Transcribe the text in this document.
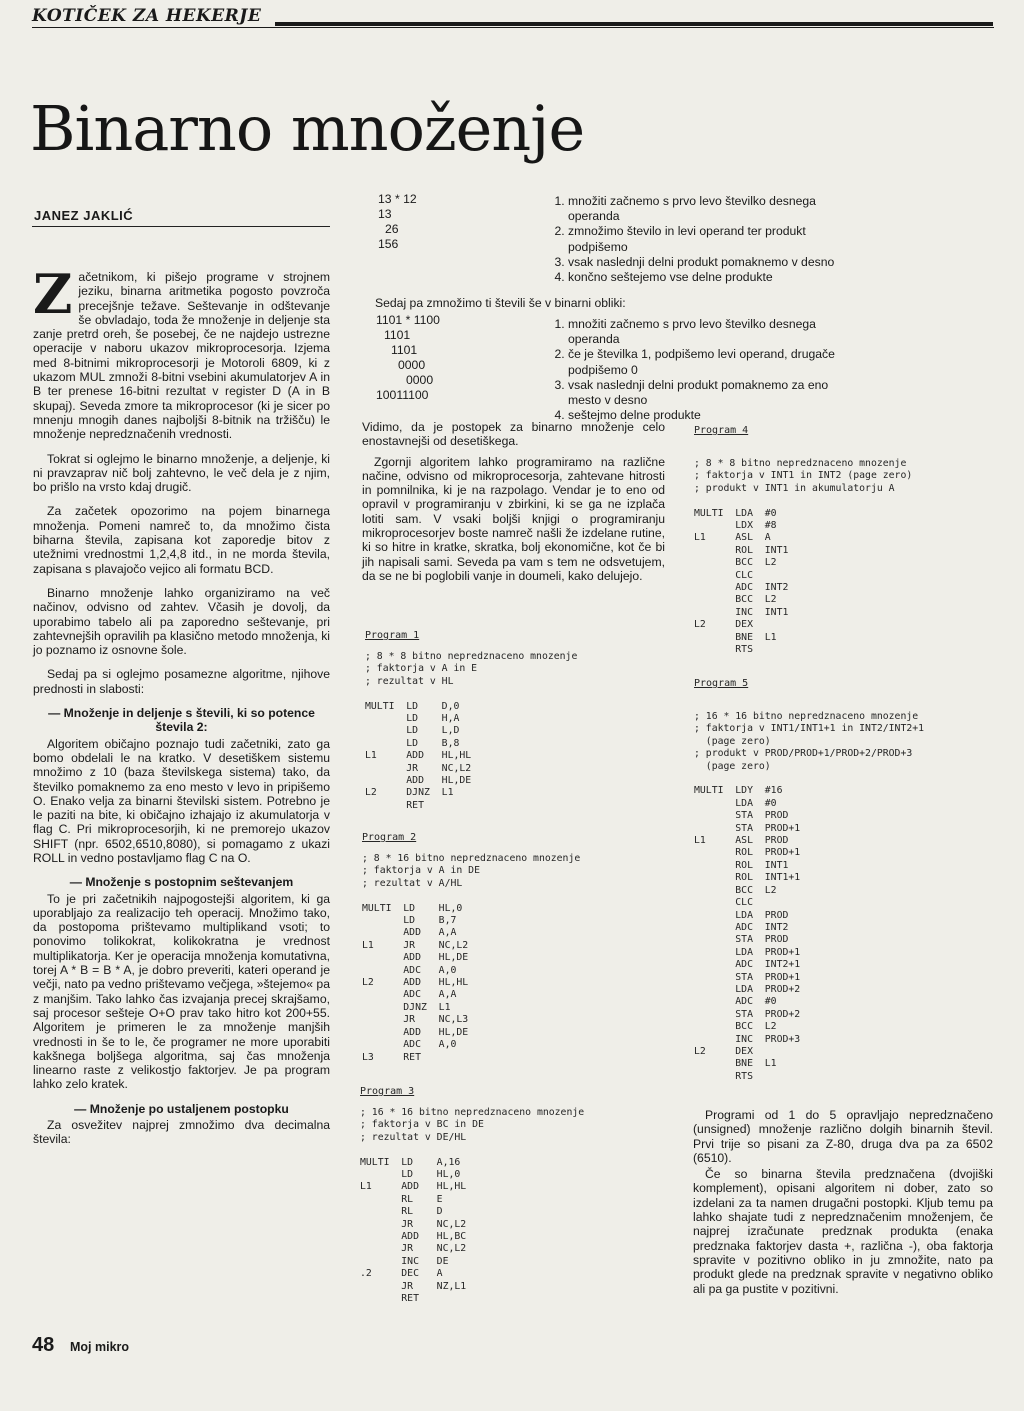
KOTIČEK ZA HEKERJE
Binarno množenje
JANEZ JAKLIĆ

Začetnikom, ki pišejo programe v strojnem jeziku, binarna aritmetika pogosto povzroča precejšnje težave. Seštevanje in odštevanje še obvladajo, toda že množenje in deljenje sta zanje pretrd oreh, še posebej, če ne najdejo ustrezne operacije v naboru ukazov mikroprocesorja. Izjema med 8-bitnimi mikroprocesorji je Motoroli 6809, ki z ukazom MUL zmnoži 8-bitni vsebini akumulatorjev A in B ter prenese 16-bitni rezultat v register D (A in B skupaj). Seveda zmore ta mikroprocesor (ki je sicer po mnenju mnogih danes najboljši 8-bitnik na tržišču) le množenje nepredznačenih vrednosti.

Tokrat si oglejmo le binarno množenje, a deljenje, ki ni pravzaprav nič bolj zahtevno, le več dela je z njim, bo prišlo na vrsto kdaj drugič.

Za začetek opozorimo na pojem binarnega množenja. Pomeni namreč to, da množimo čista biharna števila, zapisana kot zaporedje bitov z utežnimi vrednostmi 1,2,4,8 itd., in ne morda števila, zapisana s plavajočo vejico ali formatu BCD.

Binarno množenje lahko organiziramo na več načinov, odvisno od zahtev. Včasih je dovolj, da uporabimo tabelo ali pa zaporedno seštevanje, pri zahtevnejših opravilih pa klasično metodo množenja, ki jo poznamo iz osnovne šole.

Sedaj pa si oglejmo posamezne algoritme, njihove prednosti in slabosti:

— Množenje in deljenje s števili, ki so potence števila 2:

Algoritem običajno poznajo tudi začetniki, zato ga bomo obdelali le na kratko. V desetiškem sistemu množimo z 10 (baza številskega sistema) tako, da številko pomaknemo za eno mesto v levo in pripišemo O. Enako velja za binarni številski sistem. Potrebno je le paziti na bite, ki običajno izhajajo iz akumulatorja v flag C. Pri mikroprocesorjih, ki ne premorejo ukazov SHIFT (npr. 6502,6510,8080), si pomagamo z ukazi ROLL in vedno postavljamo flag C na O.

— Množenje s postopnim seštevanjem

To je pri začetnikih najpogostejši algoritem, ki ga uporabljajo za realizacijo teh operacij. Množimo tako, da postopoma prištevamo multiplikand vsoti; to ponovimo tolikokrat, kolikokratna je vrednost multiplikatorja. Ker je operacija množenja komutativna, torej A * B = B * A, je dobro preveriti, kateri operand je večji, nato pa vedno prištevamo večjega, »štejemo« pa z manjšim. Tako lahko čas izvajanja precej skrajšamo, saj procesor sešteje O+O prav tako hitro kot 200+55. Algoritem je primeren le za množenje manjših vrednosti in še to le, če programer ne more uporabiti kakšnega boljšega algoritma, saj čas množenja linearno raste z velikostjo faktorjev. Je pa program lahko zelo kratek.

— Množenje po ustaljenem postopku

Za osvežitev najprej zmnožimo dva decimalna števila:

13 * 12
13
26
156
1. množiti začnemo s prvo levo številko desnega operanda
2. zmnožimo število in levi operand ter produkt podpišemo
3. vsak naslednji delni produkt pomaknemo v desno
4. končno seštejemo vse delne produkte
Sedaj pa zmnožimo ti števili še v binarni obliki:
1101 * 1100
1101
1101
0000
0000
10011100
1. množiti začnemo s prvo levo številko desnega operanda
2. če je številka 1, podpišemo levi operand, drugače podpišemo 0
3. vsak naslednji delni produkt pomaknemo za eno mesto v desno
4. seštejmo delne produkte

Vidimo, da je postopek za binarno množenje celo enostavnejši od desetiškega.

Zgornji algoritem lahko programiramo na različne načine, odvisno od mikroprocesorja, zahtevane hitrosti in pomnilnika, ki je na razpolago. Vendar je to eno od opravil v programiranju v zbirkini, ki se ga ne izplača lotiti sam. V vsaki boljši knjigi o programiranju mikroprocesorjev boste namreč našli že izdelane rutine, ki so hitre in kratke, skratka, bolj ekonomične, kot če bi jih napisali sami. Seveda pa vam s tem ne odsvetujem, da se ne bi poglobili vanje in doumeli, kako delujejo.

Program 1
; 8 * 8 bitno nepredznaceno mnozenje
; faktorja v A in E
; rezultat v HL

MULTI  LD    D,0
LD    H,A
LD    L,D
LD    B,8
L1     ADD   HL,HL
JR    NC,L2
ADD   HL,DE
L2     DJNZ  L1
RET
Program 2
; 8 * 16 bitno nepredznaceno mnozenje
; faktorja v A in DE
; rezultat v A/HL

MULTI  LD    HL,0
LD    B,7
ADD   A,A
L1     JR    NC,L2
ADD   HL,DE
ADC   A,0
L2     ADD   HL,HL
ADC   A,A
DJNZ  L1
JR    NC,L3
ADD   HL,DE
ADC   A,0
L3     RET
Program 3
; 16 * 16 bitno nepredznaceno mnozenje
; faktorja v BC in DE
; rezultat v DE/HL

MULTI  LD    A,16
LD    HL,0
L1     ADD   HL,HL
RL    E
RL    D
JR    NC,L2
ADD   HL,BC
JR    NC,L2
INC   DE
.2     DEC   A
JR    NZ,L1
RET
Program 4
; 8 * 8 bitno nepredznaceno mnozenje
; faktorja v INT1 in INT2 (page zero)
; produkt v INT1 in akumulatorju A

MULTI  LDA  #0
LDX  #8
L1     ASL  A
ROL  INT1
BCC  L2
CLC
ADC  INT2
BCC  L2
INC  INT1
L2     DEX
BNE  L1
RTS
Program 5
; 16 * 16 bitno nepredznaceno mnozenje
; faktorja v INT1/INT1+1 in INT2/INT2+1
(page zero)
; produkt v PROD/PROD+1/PROD+2/PROD+3
(page zero)

MULTI  LDY  #16
LDA  #0
STA  PROD
STA  PROD+1
L1     ASL  PROD
ROL  PROD+1
ROL  INT1
ROL  INT1+1
BCC  L2
CLC
LDA  PROD
ADC  INT2
STA  PROD
LDA  PROD+1
ADC  INT2+1
STA  PROD+1
LDA  PROD+2
ADC  #0
STA  PROD+2
BCC  L2
INC  PROD+3
L2     DEX
BNE  L1
RTS

Programi od 1 do 5 opravljajo nepredznačeno (unsigned) množenje različno dolgih binarnih števil. Prvi trije so pisani za Z-80, druga dva pa za 6502 (6510).

Če so binarna števila predznačena (dvojiški komplement), opisani algoritem ni dober, zato so izdelani za ta namen drugačni postopki. Kljub temu pa lahko shajate tudi z nepredznačenim množenjem, če najprej izračunate predznak produkta (enaka predznaka faktorjev dasta +, različna -), oba faktorja spravite v pozitivno obliko in ju zmnožite, nato pa produkt glede na predznak spravite v negativno obliko ali pa ga pustite v pozitivni.

48 Moj mikro
